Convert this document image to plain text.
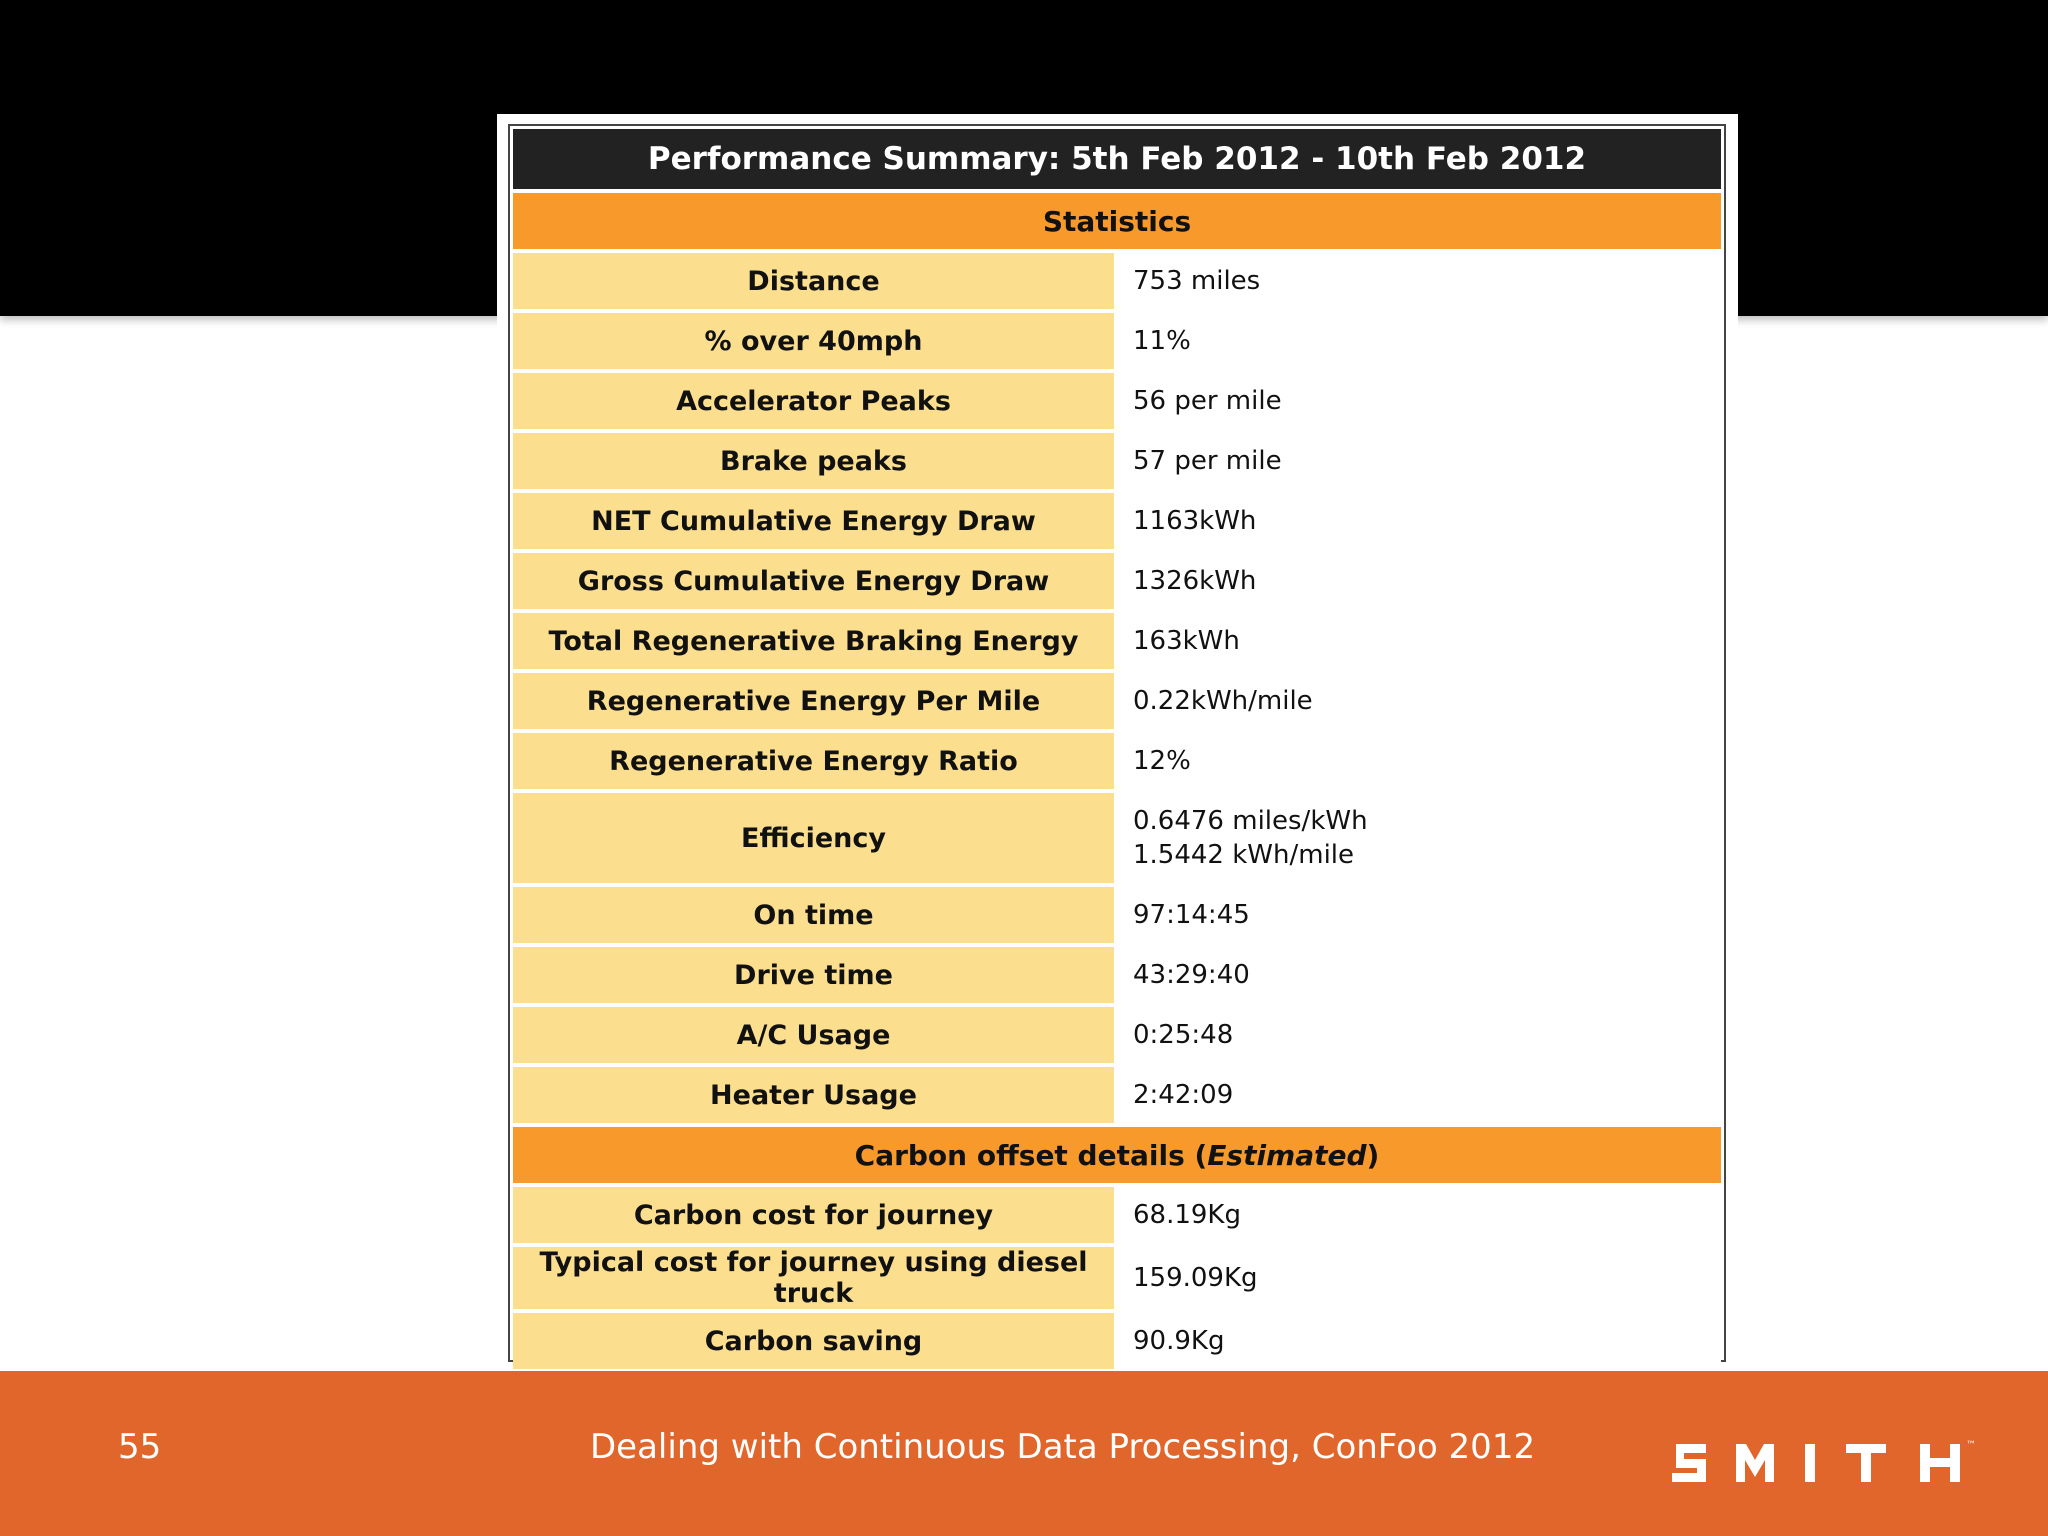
Performance Summary: 5th Feb 2012 - 10th Feb 2012	
Statistics	
Distance	753 miles
% over 40mph	11%
Accelerator Peaks	56 per mile
Brake peaks	57 per mile
NET Cumulative Energy Draw	1163kWh
Gross Cumulative Energy Draw	1326kWh
Total Regenerative Braking Energy	163kWh
Regenerative Energy Per Mile	0.22kWh/mile
Regenerative Energy Ratio	12%
Efficiency	0.6476 miles/kWh
1.5442 kWh/mile

On time	97:14:45
Drive time	43:29:40
A/C Usage	0:25:48
Heater Usage	2:42:09
Carbon offset details (Estimated)	
Carbon cost for journey	68.19Kg
Typical cost for journey using diesel truck	159.09Kg
Carbon saving	90.9Kg
55	Dealing with Continuous Data Processing, ConFoo 2012	™
